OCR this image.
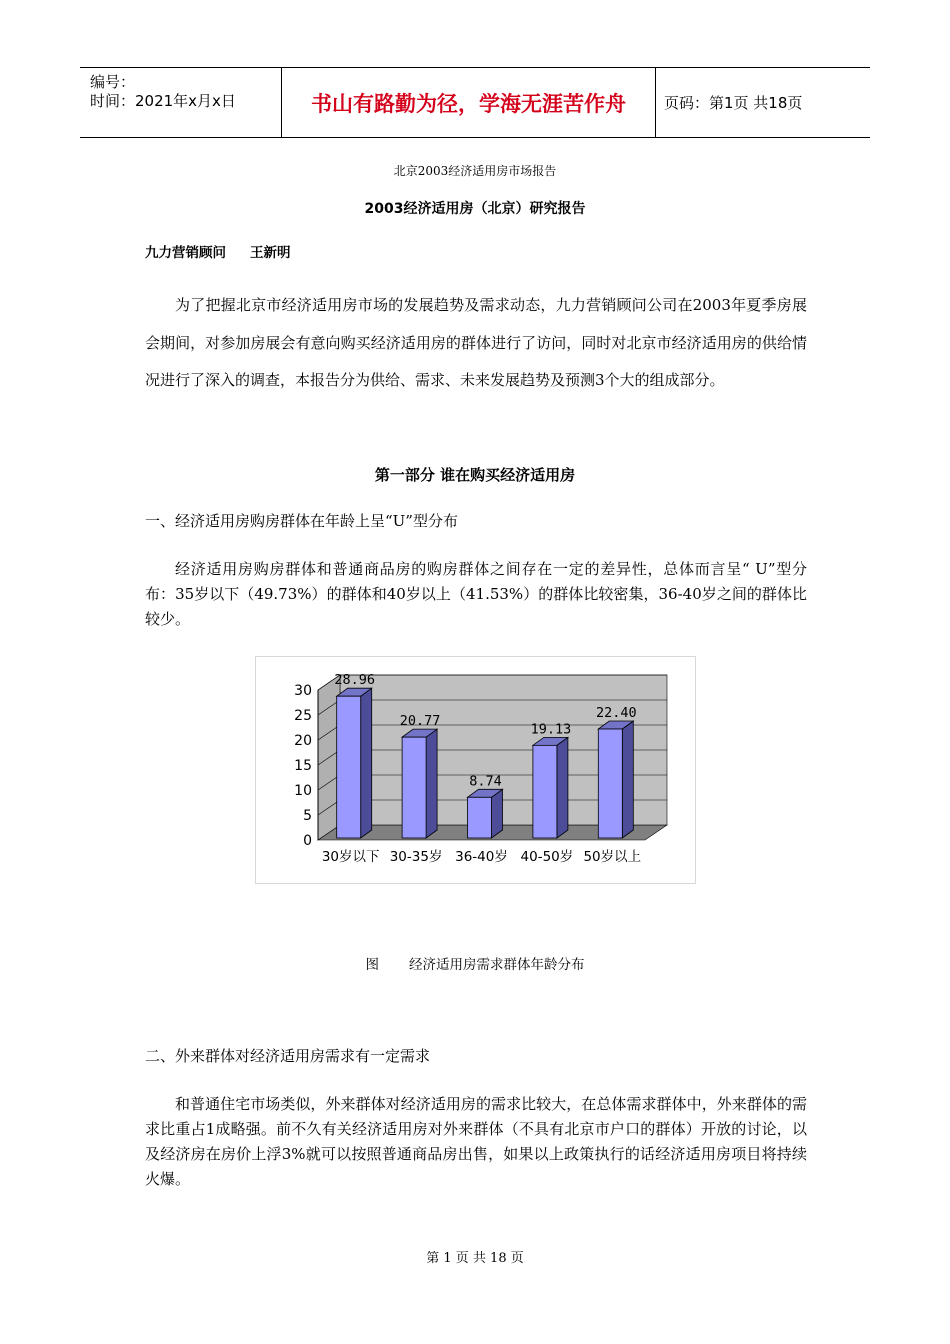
编号：
时间：2021年x月x日	书山有路勤为径，学海无涯苦作舟	页码：第1页 共18页
北京2003经济适用房市场报告
2003经济适用房（北京）研究报告
九力营销顾问 王新明
为了把握北京市经济适用房市场的发展趋势及需求动态，九力营销顾问公司在2003年夏季房展会期间，对参加房展会有意向购买经济适用房的群体进行了访问，同时对北京市经济适用房的供给情况进行了深入的调查，本报告分为供给、需求、未来发展趋势及预测3个大的组成部分。
第一部分 谁在购买经济适用房
一、经济适用房购房群体在年龄上呈“U”型分布
经济适用房购房群体和普通商品房的购房群体之间存在一定的差异性，总体而言呈“ U”型分布：35岁以下（49.73%）的群体和40岁以上（41.53%）的群体比较密集，36-40岁之间的群体比较少。
0
5
10
15
20
25
30
28.96
30岁以下
20.77
30-35岁
8.74
36-40岁
19.13
40-50岁
22.40
50岁以上
图 经济适用房需求群体年龄分布
二、外来群体对经济适用房需求有一定需求
和普通住宅市场类似，外来群体对经济适用房的需求比较大，在总体需求群体中，外来群体的需求比重占1成略强。前不久有关经济适用房对外来群体（不具有北京市户口的群体）开放的讨论，以及经济房在房价上浮3%就可以按照普通商品房出售，如果以上政策执行的话经济适用房项目将持续火爆。
第 1 页 共 18 页
